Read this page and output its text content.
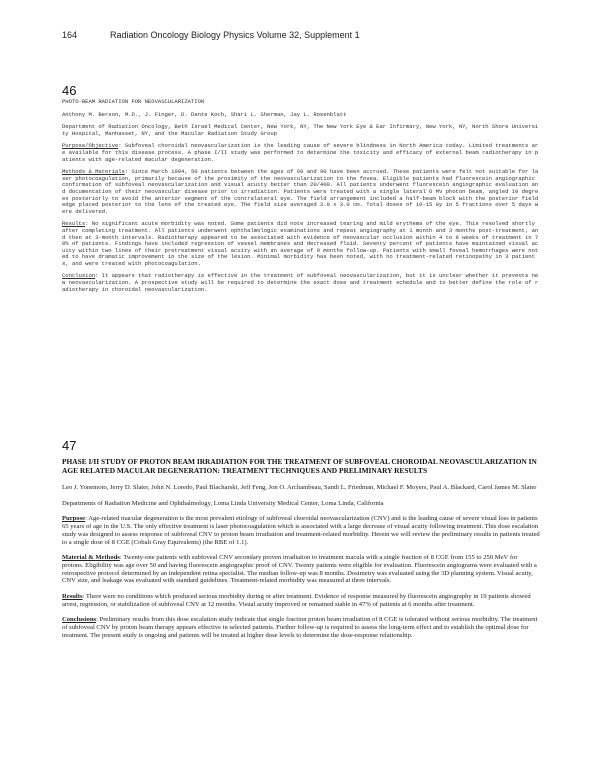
164	Radiation Oncology Biology Physics Volume 32, Supplement 1
46

PHOTO-BEAM RADIATION FOR NEOVASCULARIZATION

Anthony M. Berson, M.D., J. Finger, D. Dante Koch, Shari L. Sherman, Jay L. Rosenblatt

Department of Radiation Oncology, Beth Israel Medical Center, New York, NY, The New York Eye & Ear Infirmary, New York, NY, North Shore University Hospital, Manhasset, NY, and the Macular Radiation Study Group

Purpose/Objective: Subfoveal choroidal neovascularization is the leading cause of severe blindness in North America today. Limited treatments are available for this disease process. A phase I/II study was performed to determine the toxicity and efficacy of external beam radiotherapy in patients with age-related macular degeneration.

Methods & Materials: Since March 1994, 50 patients between the ages of 60 and 90 have been accrued. These patients were felt not suitable for laser photocoagulation, primarily because of the proximity of the neovascularization to the fovea. Eligible patients had fluorescein angiographic confirmation of subfoveal neovascularization and visual acuity better than 20/400. All patients underwent fluorescein angiographic evaluation and documentation of their neovascular disease prior to irradiation. Patients were treated with a single lateral 6 MV photon beam, angled 10 degrees posteriorly to avoid the anterior segment of the contralateral eye. The field arrangement included a half-beam block with the posterior field edge placed posterior to the lens of the treated eye. The field size averaged 3.0 x 3.0 cm. Total doses of 10-15 Gy in 5 fractions over 5 days were delivered.

Results: No significant acute morbidity was noted. Some patients did note increased tearing and mild erythema of the eye. This resolved shortly after completing treatment. All patients underwent ophthalmologic examinations and repeat angiography at 1 month and 3 months post-treatment, and then at 3-month intervals. Radiotherapy appeared to be associated with evidence of neovascular occlusion within 4 to 8 weeks of treatment in 70% of patients. Findings have included regression of vessel membranes and decreased fluid. Seventy percent of patients have maintained visual acuity within two lines of their pretreatment visual acuity with an average of 9 months follow-up. Patients with small foveal hemorrhages were noted to have dramatic improvement in the size of the lesion. Minimal morbidity has been noted, with no treatment-related retinopathy in 3 patients, and were treated with photocoagulation.

Conclusion: It appears that radiotherapy is effective in the treatment of subfoveal neovascularization, but it is unclear whether it prevents new neovascularization. A prospective study will be required to determine the exact dose and treatment schedule and to better define the role of radiotherapy in choroidal neovascularization.

47

PHASE I/II STUDY OF PROTON BEAM IRRADIATION FOR THE TREATMENT OF SUBFOVEAL CHOROIDAL NEOVASCULARIZATION IN AGE RELATED MACULAR DEGENERATION: TREATMENT TECHNIQUES AND PRELIMINARY RESULTS

Leo J. Yonemoto, Jerry D. Slater, John N. Loredo, Paul Blacharski, Jeff Feng, Jon O. Archambeau, Sandi L. Friedman, Michael F. Moyers, Paul A. Blackard, Carol James M. Slater

Departments of Radiation Medicine and Ophthalmology, Loma Linda University Medical Center, Loma Linda, California

Purpose: Age-related macular degeneration is the most prevalent etiology of subfoveal choroidal neovascularization (CNV) and is the leading cause of severe visual loss in patients 65 years of age in the U.S. The only effective treatment is laser photocoagulation which is associated with a large decrease of visual acuity following treatment. This dose escalation study was designed to assess response of subfoveal CNV to proton beam irradiation and treatment-related morbidity. Herein we will review the preliminary results in patients treated to a single dose of 8 CGE (Cobalt Gray Equivalents) (the RBE of 1.1).

Material & Methods: Twenty-one patients with subfoveal CNV secondary proven irradiation to treatment macula with a single fraction of 8 CGE from 155 to 250 MeV for protons. Eligibility was age over 50 and having fluorescein angiographic proof of CNV. Twenty patients were eligible for evaluation. Fluorescein angiograms were evaluated with a retrospective protocol determined by an independent retina specialist. The median follow-up was 8 months. Dosimetry was evaluated using the 3D planning system. Visual acuity, CNV size, and leakage was evaluated with standard guidelines. Treatment-related morbidity was measured at three intervals.

Results: There were no conditions which produced serious morbidity during or after treatment. Evidence of response measured by fluorescein angiography in 19 patients showed arrest, regression, or stabilization of subfoveal CNV at 12 months. Visual acuity improved or remained stable in 47% of patients at 6 months after treatment.

Conclusions: Preliminary results from this dose escalation study indicate that single fraction proton beam irradiation of 8 CGE is tolerated without serious morbidity. The treatment of subfoveal CNV by proton beam therapy appears effective in selected patients. Further follow-up is required to assess the long-term effect and to establish the optimal dose for treatment. The present study is ongoing and patients will be treated at higher dose levels to determine the dose-response relationship.
